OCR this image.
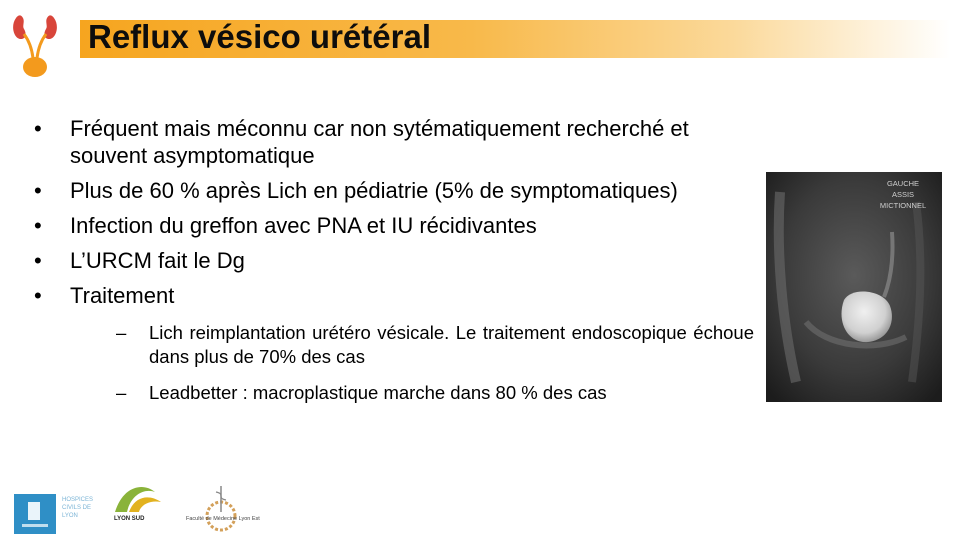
Reflux vésico urétéral
•	Fréquent mais méconnu car non sytématiquement recherché et souvent asymptomatique
•	Plus de 60 % après Lich en pédiatrie (5% de symptomatiques)
•	Infection du greffon avec PNA et IU récidivantes
•	L’URCM fait le Dg
•	Traitement
– Lich reimplantation urétéro vésicale. Le traitement endoscopique échoue dans plus de 70% des cas
– Leadbetter : macroplastique marche dans 80 % des cas
GAUCHE
ASSIS
MICTIONNEL
HOSPICES CIVILS DE LYON	LYON SUD	Faculté de Médecine Lyon Est
